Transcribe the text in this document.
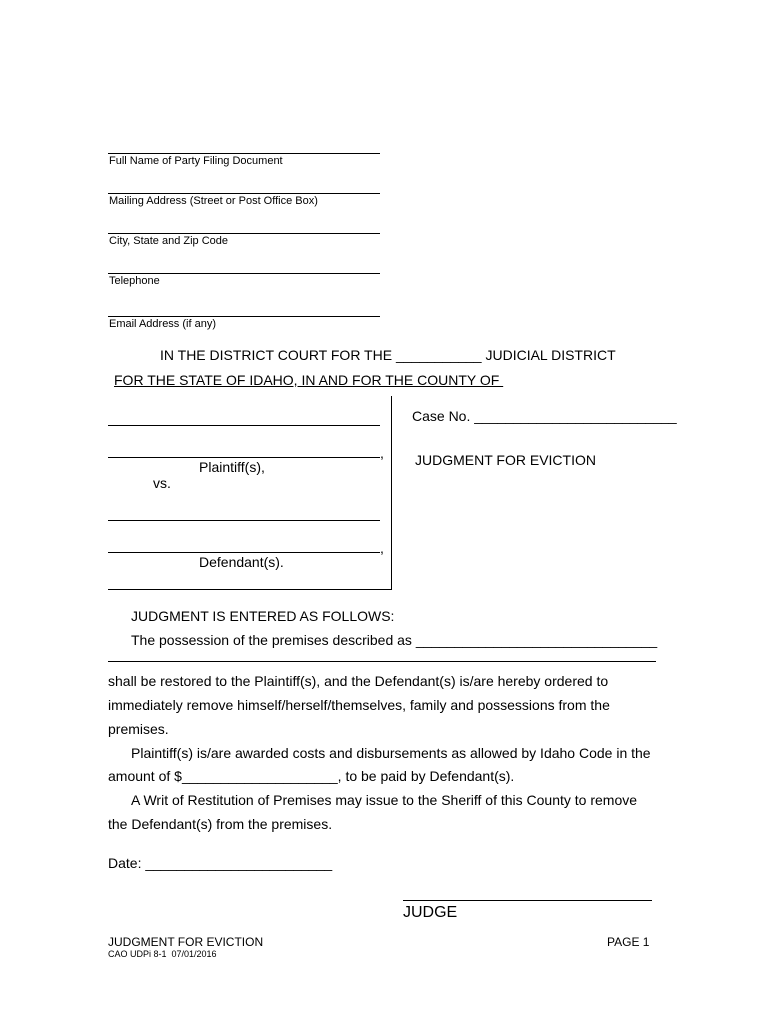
Full Name of Party Filing Document
Mailing Address (Street or Post Office Box)
City, State and Zip Code
Telephone
Email Address (if any)
IN THE DISTRICT COURT FOR THE ___________ JUDICIAL DISTRICT
FOR THE STATE OF IDAHO, IN AND FOR THE COUNTY OF
,
Plaintiff(s),
vs.
,
Defendant(s).
Case No. __________________________
JUDGMENT FOR EVICTION
JUDGMENT IS ENTERED AS FOLLOWS:
The possession of the premises described as _______________________________
shall be restored to the Plaintiff(s), and the Defendant(s) is/are hereby ordered to
immediately remove himself/herself/themselves, family and possessions from the
premises.
Plaintiff(s) is/are awarded costs and disbursements as allowed by Idaho Code in the
amount of $____________________, to be paid by Defendant(s).
A Writ of Restitution of Premises may issue to the Sheriff of this County to remove
the Defendant(s) from the premises.
Date: ________________________
JUDGE
JUDGMENT FOR EVICTION	PAGE 1
CAO UDPi 8-1  07/01/2016
